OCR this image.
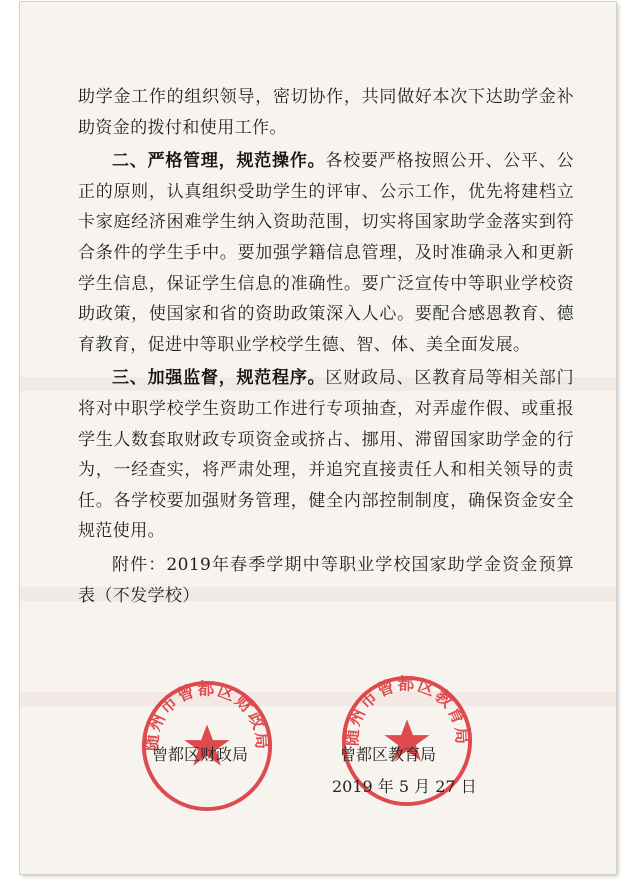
助学金工作的组织领导，密切协作，共同做好本次下达助学金补助资金的拨付和使用工作。

二、严格管理，规范操作。各校要严格按照公开、公平、公正的原则，认真组织受助学生的评审、公示工作，优先将建档立卡家庭经济困难学生纳入资助范围，切实将国家助学金落实到符合条件的学生手中。要加强学籍信息管理，及时准确录入和更新学生信息，保证学生信息的准确性。要广泛宣传中等职业学校资助政策，使国家和省的资助政策深入人心。要配合感恩教育、德育教育，促进中等职业学校学生德、智、体、美全面发展。

三、加强监督，规范程序。区财政局、区教育局等相关部门将对中职学校学生资助工作进行专项抽查，对弄虚作假、或重报学生人数套取财政专项资金或挤占、挪用、滞留国家助学金的行为，一经查实，将严肃处理，并追究直接责任人和相关领导的责任。各学校要加强财务管理，健全内部控制制度，确保资金安全规范使用。

附件：2019年春季学期中等职业学校国家助学金资金预算表（不发学校）

随州市曾都区财政局	随州市曾都区教育局
曾都区财政局	曾都区教育局
2019 年 5 月 27 日
